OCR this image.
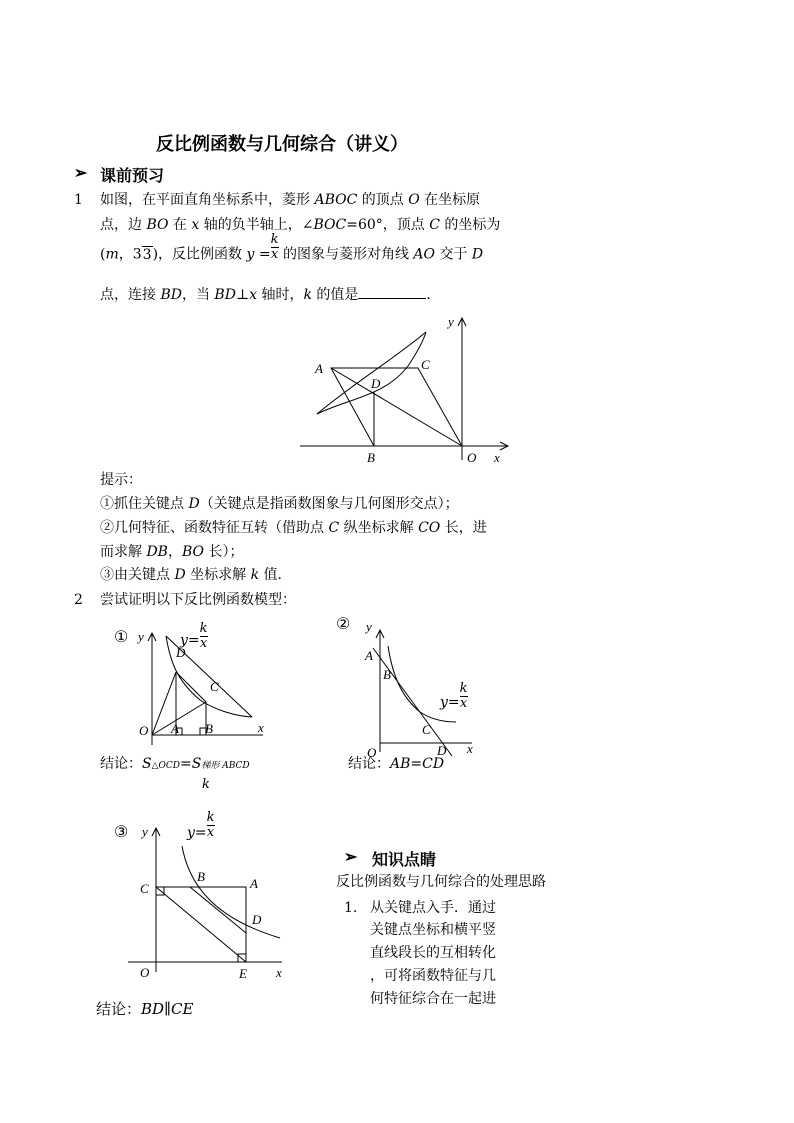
反比例函数与几何综合（讲义）
➢ 课前预习
1 如图，在平面直角坐标系中，菱形 ABOC 的顶点 O 在坐标原
点，边 BO 在 x 轴的负半轴上，∠BOC=60°，顶点 C 的坐标为
(m，33)，反比例函数 $y = \frac{k}{x}$ 的图象与菱形对角线 AO 交于 D
点，连接 BD，当 BD⊥x 轴时，k 的值是	.
A
B
C
D
O x
y
提示：
①抓住关键点 D（关键点是指函数图象与几何图形交点）；
②几何特征、函数特征互转（借助点 C 纵坐标求解 CO 长，进
而求解 DB，BO 长）；
③由关键点 D 坐标求解 k 值.
2 尝试证明以下反比例函数模型：
① y
x
O
D
C
A B
$y= \frac{k}{x}$
结论：S△OCD=S梯形 ABCD
k
② y
x
O
A
B
C
D
$y= \frac{k}{x}$
结论：AB=CD
③ y
x
O
C
B	A
D
E
$y= \frac{k}{x}$
结论：BD∥CE
➢ 知识点睛
反比例函数与几何综合的处理思路
1. 从关键点入手．通过
关键点坐标和横平竖
直线段长的互相转化
，可将函数特征与几
何特征综合在一起进
